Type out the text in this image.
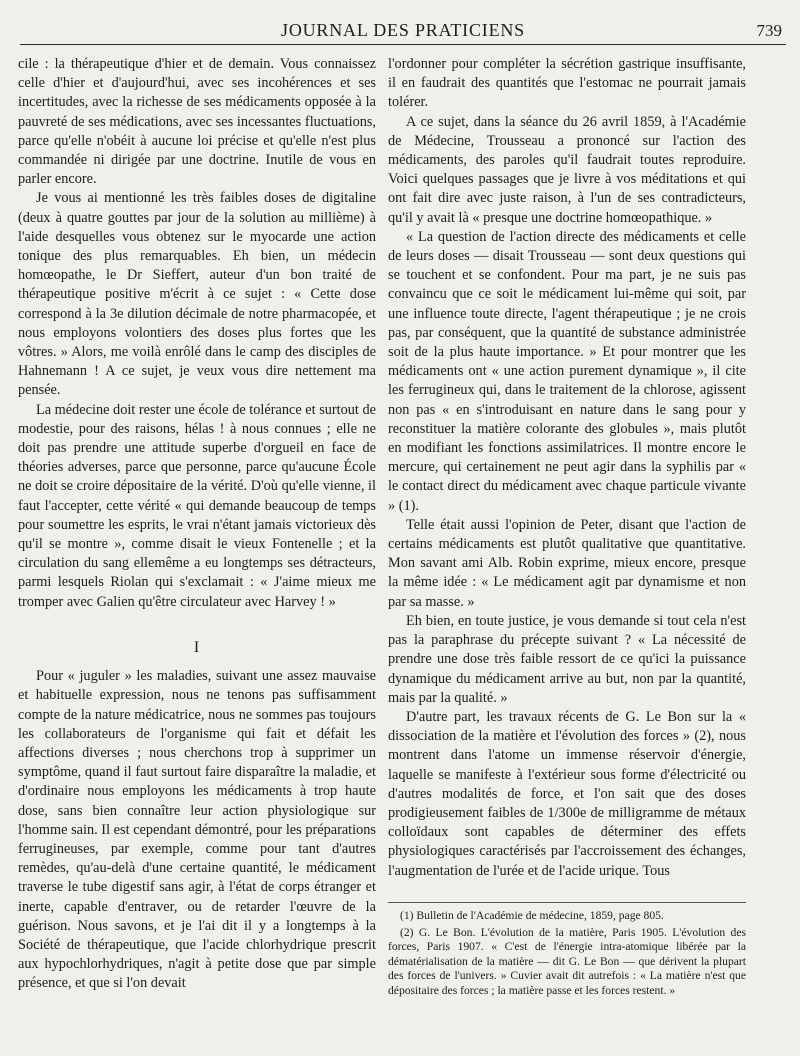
JOURNAL DES PRATICIENS	739

cile : la thérapeutique d'hier et de demain. Vous connaissez celle d'hier et d'aujourd'hui, avec ses incohérences et ses incertitudes, avec la richesse de ses médicaments opposée à la pauvreté de ses médications, avec ses incessantes fluctuations, parce qu'elle n'obéit à aucune loi précise et qu'elle n'est plus commandée ni dirigée par une doctrine. Inutile de vous en parler encore.

Je vous ai mentionné les très faibles doses de digitaline (deux à quatre gouttes par jour de la solution au millième) à l'aide desquelles vous obtenez sur le myocarde une action tonique des plus remarquables. Eh bien, un médecin homœopathe, le Dr Sieffert, auteur d'un bon traité de thérapeutique positive m'écrit à ce sujet : « Cette dose correspond à la 3e dilution décimale de notre pharmacopée, et nous employons volontiers des doses plus fortes que les vôtres. » Alors, me voilà enrôlé dans le camp des disciples de Hahnemann ! A ce sujet, je veux vous dire nettement ma pensée.

La médecine doit rester une école de tolérance et surtout de modestie, pour des raisons, hélas ! à nous connues ; elle ne doit pas prendre une attitude superbe d'orgueil en face de théories adverses, parce que personne, parce qu'aucune École ne doit se croire dépositaire de la vérité. D'où qu'elle vienne, il faut l'accepter, cette vérité « qui demande beaucoup de temps pour soumettre les esprits, le vrai n'étant jamais victorieux dès qu'il se montre », comme disait le vieux Fontenelle ; et la circulation du sang ellemême a eu longtemps ses détracteurs, parmi lesquels Riolan qui s'exclamait : « J'aime mieux me tromper avec Galien qu'être circulateur avec Harvey ! »

I

Pour « juguler » les maladies, suivant une assez mauvaise et habituelle expression, nous ne tenons pas suffisamment compte de la nature médicatrice, nous ne sommes pas toujours les collaborateurs de l'organisme qui fait et défait les affections diverses ; nous cherchons trop à supprimer un symptôme, quand il faut surtout faire disparaître la maladie, et d'ordinaire nous employons les médicaments à trop haute dose, sans bien connaître leur action physiologique sur l'homme sain. Il est cependant démontré, pour les préparations ferrugineuses, par exemple, comme pour tant d'autres remèdes, qu'au-delà d'une certaine quantité, le médicament traverse le tube digestif sans agir, à l'état de corps étranger et inerte, capable d'entraver, ou de retarder l'œuvre de la guérison. Nous savons, et je l'ai dit il y a longtemps à la Société de thérapeutique, que l'acide chlorhydrique prescrit aux hypochlorhydriques, n'agit à petite dose que par simple présence, et que si l'on devait

l'ordonner pour compléter la sécrétion gastrique insuffisante, il en faudrait des quantités que l'estomac ne pourrait jamais tolérer.

A ce sujet, dans la séance du 26 avril 1859, à l'Académie de Médecine, Trousseau a prononcé sur l'action des médicaments, des paroles qu'il faudrait toutes reproduire. Voici quelques passages que je livre à vos méditations et qui ont fait dire avec juste raison, à l'un de ses contradicteurs, qu'il y avait là « presque une doctrine homœopathique. »

« La question de l'action directe des médicaments et celle de leurs doses — disait Trousseau — sont deux questions qui se touchent et se confondent. Pour ma part, je ne suis pas convaincu que ce soit le médicament lui-même qui soit, par une influence toute directe, l'agent thérapeutique ; je ne crois pas, par conséquent, que la quantité de substance administrée soit de la plus haute importance. » Et pour montrer que les médicaments ont « une action purement dynamique », il cite les ferrugineux qui, dans le traitement de la chlorose, agissent non pas « en s'introduisant en nature dans le sang pour y reconstituer la matière colorante des globules », mais plutôt en modifiant les fonctions assimilatrices. Il montre encore le mercure, qui certainement ne peut agir dans la syphilis par « le contact direct du médicament avec chaque particule vivante » (1).

Telle était aussi l'opinion de Peter, disant que l'action de certains médicaments est plutôt qualitative que quantitative. Mon savant ami Alb. Robin exprime, mieux encore, presque la même idée : « Le médicament agit par dynamisme et non par sa masse. »

Eh bien, en toute justice, je vous demande si tout cela n'est pas la paraphrase du précepte suivant ? « La nécessité de prendre une dose très faible ressort de ce qu'ici la puissance dynamique du médicament arrive au but, non par la quantité, mais par la qualité. »

D'autre part, les travaux récents de G. Le Bon sur la « dissociation de la matière et l'évolution des forces » (2), nous montrent dans l'atome un immense réservoir d'énergie, laquelle se manifeste à l'extérieur sous forme d'électricité ou d'autres modalités de force, et l'on sait que des doses prodigieusement faibles de 1/300e de milligramme de métaux colloïdaux sont capables de déterminer des effets physiologiques caractérisés par l'accroissement des échanges, l'augmentation de l'urée et de l'acide urique. Tous

(1) Bulletin de l'Académie de médecine, 1859, page 805.

(2) G. Le Bon. L'évolution de la matière, Paris 1905. L'évolution des forces, Paris 1907. « C'est de l'énergie intra-atomique libérée par la dématérialisation de la matière — dit G. Le Bon — que dérivent la plupart des forces de l'univers. » Cuvier avait dit autrefois : « La matière n'est que dépositaire des forces ; la matière passe et les forces restent. »
